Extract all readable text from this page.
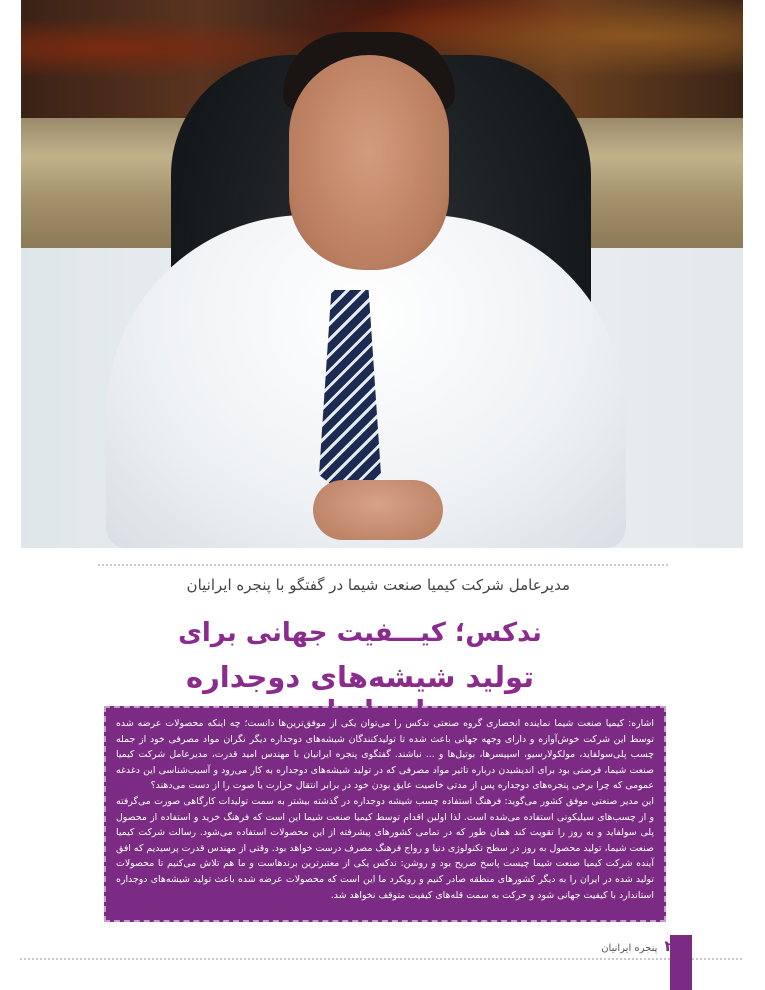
مدیرعامل شرکت کیمیا صنعت شیما در گفتگو با پنجره ایرانیان
ندکس؛ کیـــفیت جهانی برای
تولید شیشه‌های دوجداره

اشاره: کیمیا صنعت شیما نماینده انحصاری گروه صنعتی ندکس را می‌توان یکی از موفق‌ترین‌ها دانست؛ چه اینکه محصولات عرضه شده توسط این شرکت خوش‌آوازه و دارای وجهه جهانی باعث شده تا تولیدکنندگان شیشه‌های دوجداره دیگر نگران مواد مصرفی خود از جمله چسب پلی‌سولفاید، مولکولارسیو، اسپیسرها، بوتیل‌ها و ... نباشند. گفتگوی پنجره ایرانیان با مهندس امید قدرت، مدیرعامل شرکت کیمیا صنعت شیما، فرصتی بود برای اندیشیدن درباره تاثیر مواد مصرفی که در تولید شیشه‌های دوجداره به کار می‌رود و آسیب‌شناسی این دغدغه عمومی که چرا برخی پنجره‌های دوجداره پس از مدتی خاصیت عایق بودن خود در برابر انتقال حرارت یا صوت را از دست می‌دهند؟

این مدیر صنعتی موفق کشور می‌گوید: فرهنگ استفاده چسب شیشه دوجداره در گذشته بیشتر به سمت تولیدات کارگاهی صورت می‌گرفته و از چسب‌های سیلیکونی استفاده می‌شده است. لذا اولین اقدام توسط کیمیا صنعت شیما این است که فرهنگ خرید و استفاده از محصول پلی سولفاید و به روز را تقویت کند همان طور که در تمامی کشورهای پیشرفته از این محصولات استفاده می‌شود. رسالت شرکت کیمیا صنعت شیما، تولید محصول به روز در سطح تکنولوژی دنیا و رواج فرهنگ مصرف درست خواهد بود. وقتی از مهندس قدرت پرسیدیم که افق آینده شرکت کیمیا صنعت شیما چیست پاسخ صریح بود و روشن: ندکس یکی از معتبرترین برندهاست و ما هم تلاش می‌کنیم تا محصولات تولید شده در ایران را به دیگر کشورهای منطقه صادر کنیم و رویکرد ما این است که محصولات عرضه شده باعث تولید شیشه‌های دوجداره استاندارد با کیفیت جهانی شود و حرکت به سمت قله‌های کیفیت متوقف نخواهد شد.

۲۵۰ پنجره ایرانیان
